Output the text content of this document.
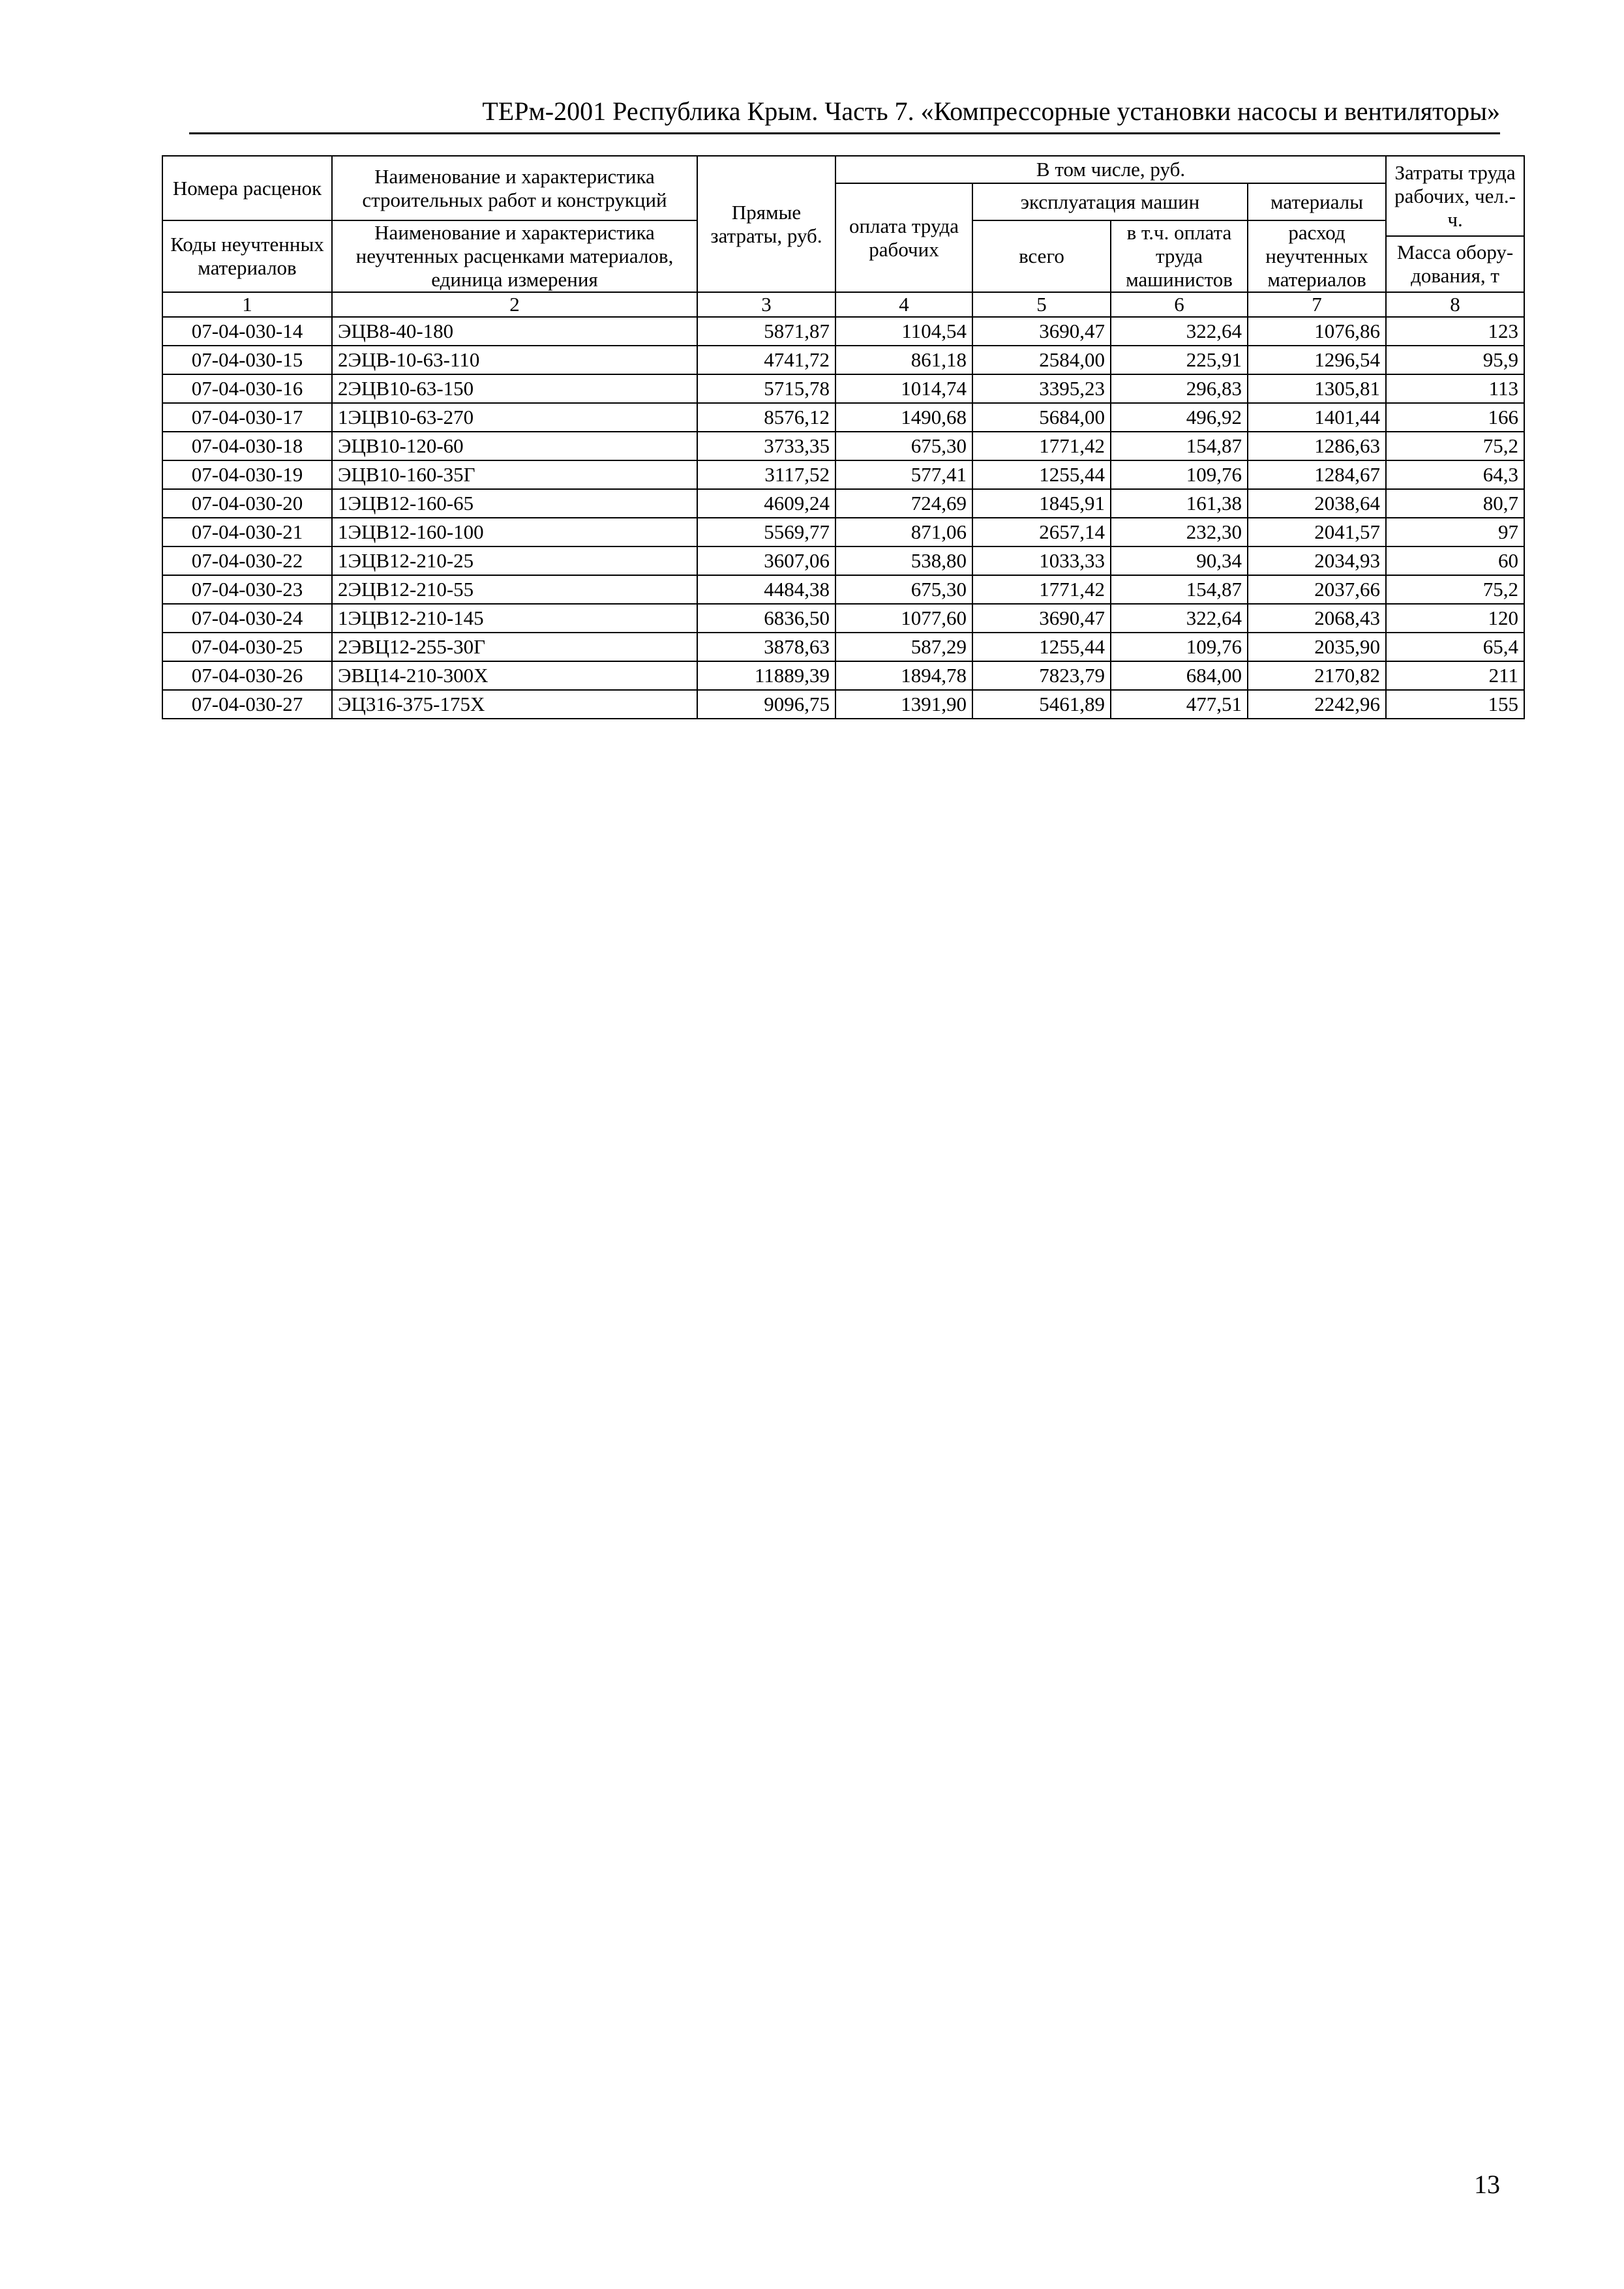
ТЕРм-2001 Республика Крым. Часть 7. «Компрессорные установки насосы и вентиляторы»
Номера расценок	Наименование и характеристика строительных работ и конструкций	Прямые затраты, руб.	В том числе, руб.				Затраты труда рабочих, чел.-ч.
			оплата труда рабочих	эксплуатация машин		материалы	
Коды неучтенных материалов	Наименование и характеристика неучтенных расценками материалов, единица измерения			всего	в т.ч. оплата труда машинистов	расход неучтенных материалов	
							Масса обору-дования, т
1	2	3	4	5	6	7	8
07-04-030-14	ЭЦВ8-40-180	5871,87	1104,54	3690,47	322,64	1076,86	123
07-04-030-15	2ЭЦВ-10-63-110	4741,72	861,18	2584,00	225,91	1296,54	95,9
07-04-030-16	2ЭЦВ10-63-150	5715,78	1014,74	3395,23	296,83	1305,81	113
07-04-030-17	1ЭЦВ10-63-270	8576,12	1490,68	5684,00	496,92	1401,44	166
07-04-030-18	ЭЦВ10-120-60	3733,35	675,30	1771,42	154,87	1286,63	75,2
07-04-030-19	ЭЦВ10-160-35Г	3117,52	577,41	1255,44	109,76	1284,67	64,3
07-04-030-20	1ЭЦВ12-160-65	4609,24	724,69	1845,91	161,38	2038,64	80,7
07-04-030-21	1ЭЦВ12-160-100	5569,77	871,06	2657,14	232,30	2041,57	97
07-04-030-22	1ЭЦВ12-210-25	3607,06	538,80	1033,33	90,34	2034,93	60
07-04-030-23	2ЭЦВ12-210-55	4484,38	675,30	1771,42	154,87	2037,66	75,2
07-04-030-24	1ЭЦВ12-210-145	6836,50	1077,60	3690,47	322,64	2068,43	120
07-04-030-25	2ЭВЦ12-255-30Г	3878,63	587,29	1255,44	109,76	2035,90	65,4
07-04-030-26	ЭВЦ14-210-300Х	11889,39	1894,78	7823,79	684,00	2170,82	211
07-04-030-27	ЭЦ316-375-175Х	9096,75	1391,90	5461,89	477,51	2242,96	155
13
